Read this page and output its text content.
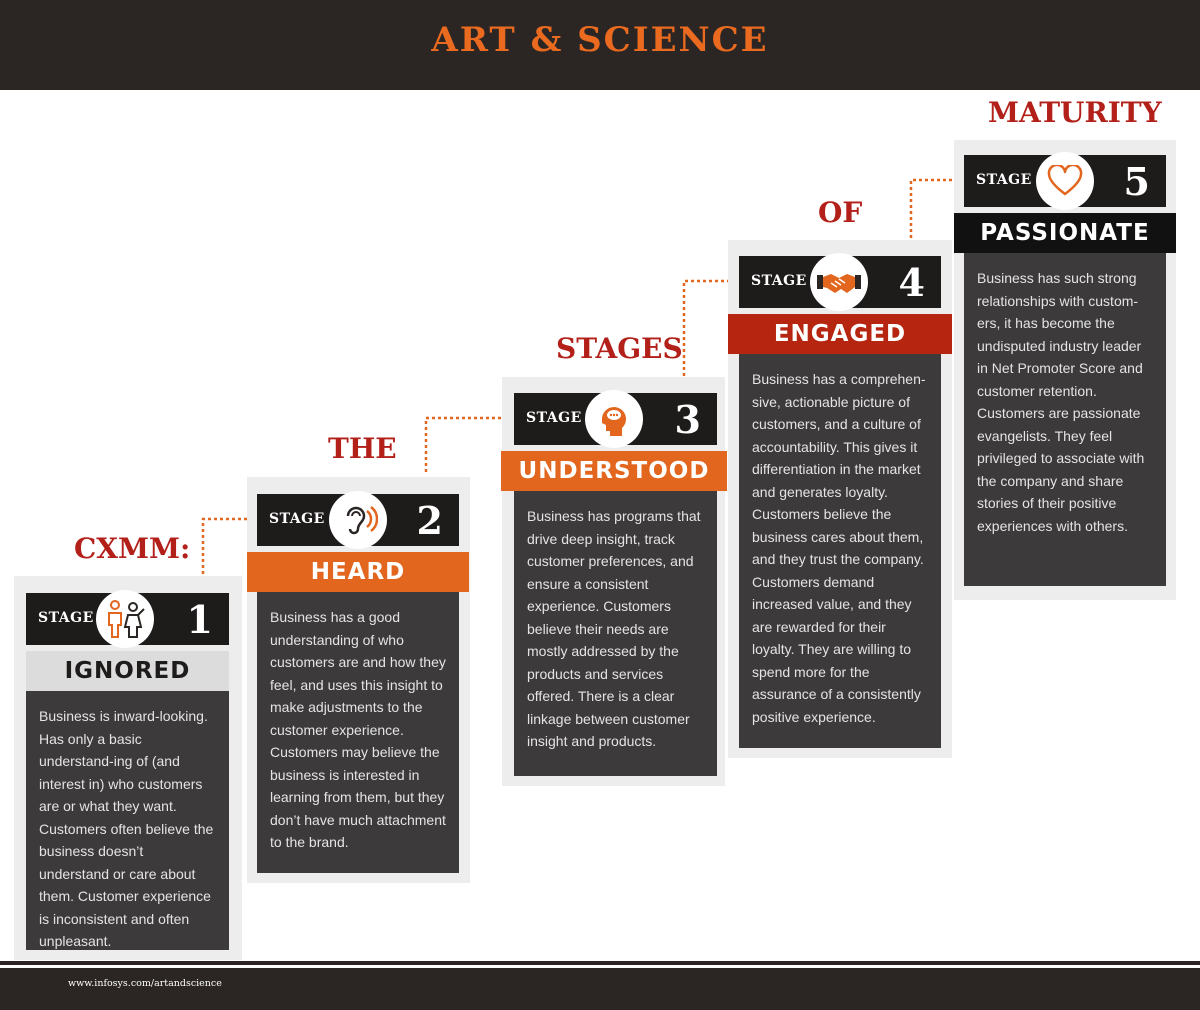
ART & SCIENCE
CXMM:
THE
STAGES
OF
MATURITY
STAGE 1
IGNORED
Business is inward-looking. Has only a basic understand-ing of (and interest in) who customers are or what they want. Customers often believe the business doesn’t understand or care about them. Customer experience is inconsistent and often unpleasant.
STAGE 2
HEARD
Business has a good understanding of who customers are and how they feel, and uses this insight to make adjustments to the customer experience. Customers may believe the business is interested in learning from them, but they don’t have much attachment to the brand.
STAGE 3
UNDERSTOOD
Business has programs that drive deep insight, track customer preferences, and ensure a consistent experience. Customers believe their needs are mostly addressed by the products and services offered. There is a clear linkage between customer insight and products.
STAGE 4
ENGAGED
Business has a comprehen-sive, actionable picture of customers, and a culture of accountability. This gives it differentiation in the market and generates loyalty. Customers believe the business cares about them, and they trust the company. Customers demand increased value, and they are rewarded for their loyalty. They are willing to spend more for the assurance of a consistently positive experience.
STAGE 5
PASSIONATE
Business has such strong relationships with custom-ers, it has become the undisputed industry leader in Net Promoter Score and customer retention. Customers are passionate evangelists. They feel privileged to associate with the company and share stories of their positive experiences with others.
www.infosys.com/artandscience
